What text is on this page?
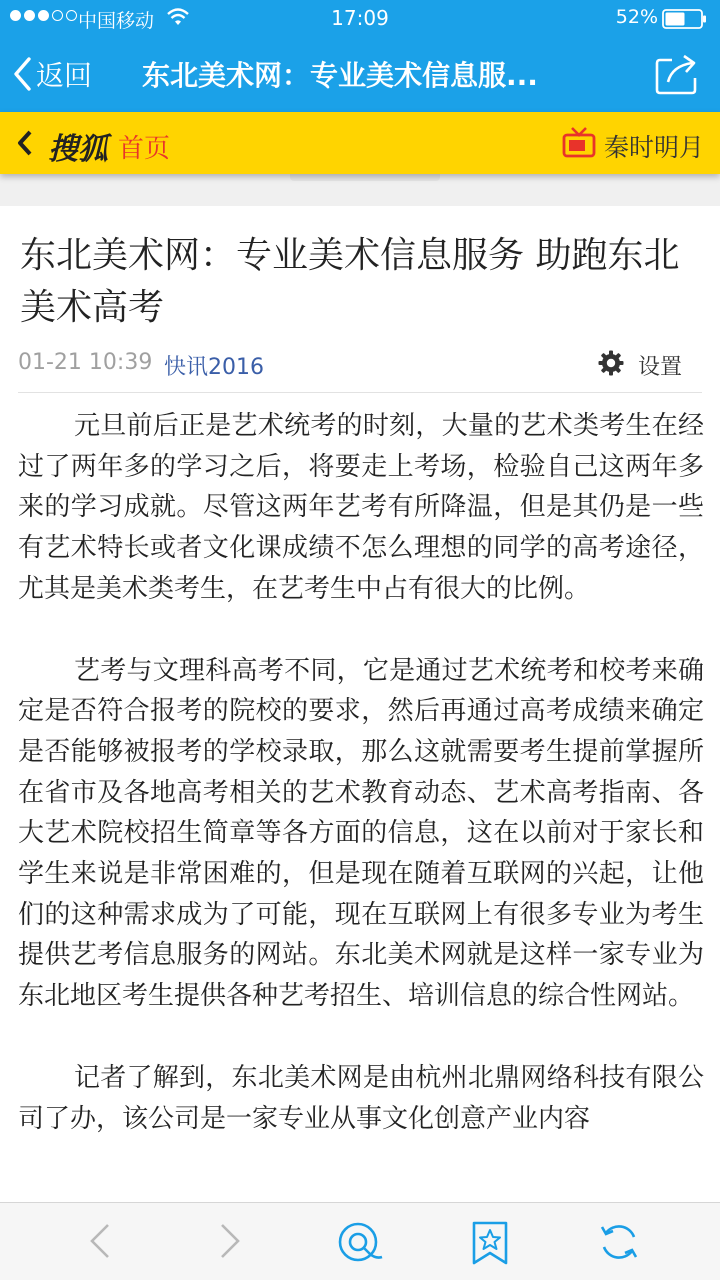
中国移动	17:09	52%
返回 东北美术网：专业美术信息服...
搜狐 首页	秦时明月
东北美术网：专业美术信息服务 助跑东北美术高考
01-21 10:39 快讯2016	设置

元旦前后正是艺术统考的时刻，大量的艺术类考生在经过了两年多的学习之后，将要走上考场，检验自己这两年多来的学习成就。尽管这两年艺考有所降温，但是其仍是一些有艺术特长或者文化课成绩不怎么理想的同学的高考途径，尤其是美术类考生，在艺考生中占有很大的比例。

艺考与文理科高考不同，它是通过艺术统考和校考来确定是否符合报考的院校的要求，然后再通过高考成绩来确定是否能够被报考的学校录取，那么这就需要考生提前掌握所在省市及各地高考相关的艺术教育动态、艺术高考指南、各大艺术院校招生简章等各方面的信息，这在以前对于家长和学生来说是非常困难的，但是现在随着互联网的兴起，让他们的这种需求成为了可能，现在互联网上有很多专业为考生提供艺考信息服务的网站。东北美术网就是这样一家专业为东北地区考生提供各种艺考招生、培训信息的综合性网站。

记者了解到，东北美术网是由杭州北鼎网络科技有限公司了办，该公司是一家专业从事文化创意产业内容
